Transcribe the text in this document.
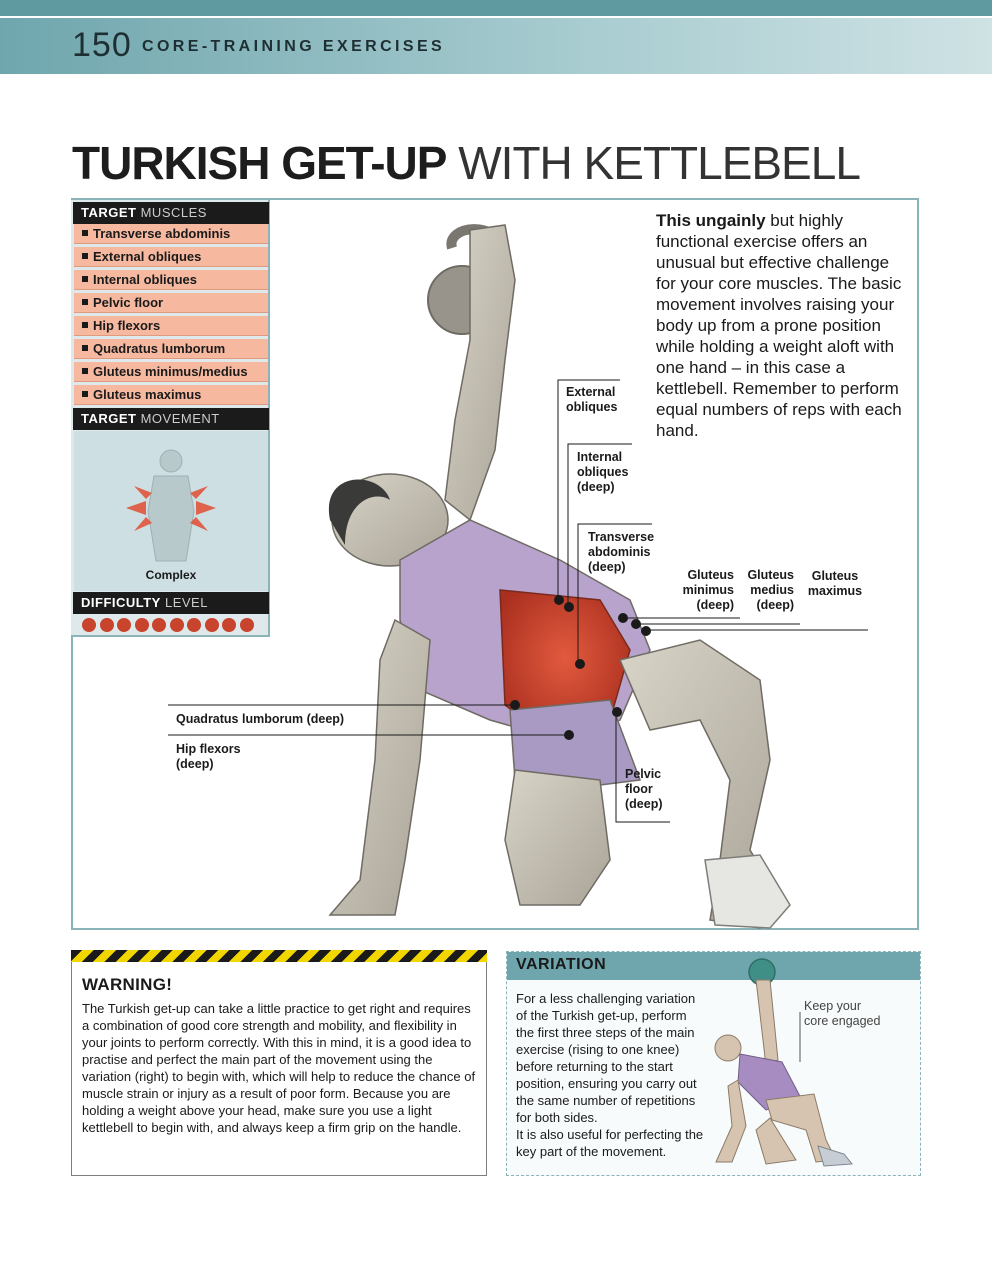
150 CORE-TRAINING EXERCISES
TURKISH GET-UP WITH KETTLEBELL
TARGET MUSCLES
Transverse abdominis
External obliques
Internal obliques
Pelvic floor
Hip flexors
Quadratus lumborum
Gluteus minimus/medius
Gluteus maximus
TARGET MOVEMENT
Complex
DIFFICULTY LEVEL
This ungainly but highly functional exercise offers an unusual but effective challenge for your core muscles. The basic movement involves raising your body up from a prone position while holding a weight aloft with one hand – in this case a kettlebell. Remember to perform equal numbers of reps with each hand.
External
obliques
Internal
obliques
(deep)
Transverse
abdominis
(deep)
Gluteus
minimus
(deep)
Gluteus
medius
(deep)
Gluteus
maximus
Quadratus lumborum (deep)
Hip flexors
(deep)
Pelvic
floor
(deep)
WARNING!
The Turkish get-up can take a little practice to get right and requires a combination of good core strength and mobility, and flexibility in your joints to perform correctly. With this in mind, it is a good idea to practise and perfect the main part of the movement using the variation (right) to begin with, which will help to reduce the chance of muscle strain or injury as a result of poor form. Because you are holding a weight above your head, make sure you use a light kettlebell to begin with, and always keep a firm grip on the handle.
VARIATION
For a less challenging variation of the Turkish get-up, perform the first three steps of the main exercise (rising to one knee) before returning to the start position, ensuring you carry out the same number of repetitions for both sides.
It is also useful for perfecting the key part of the movement.
Keep your
core engaged
